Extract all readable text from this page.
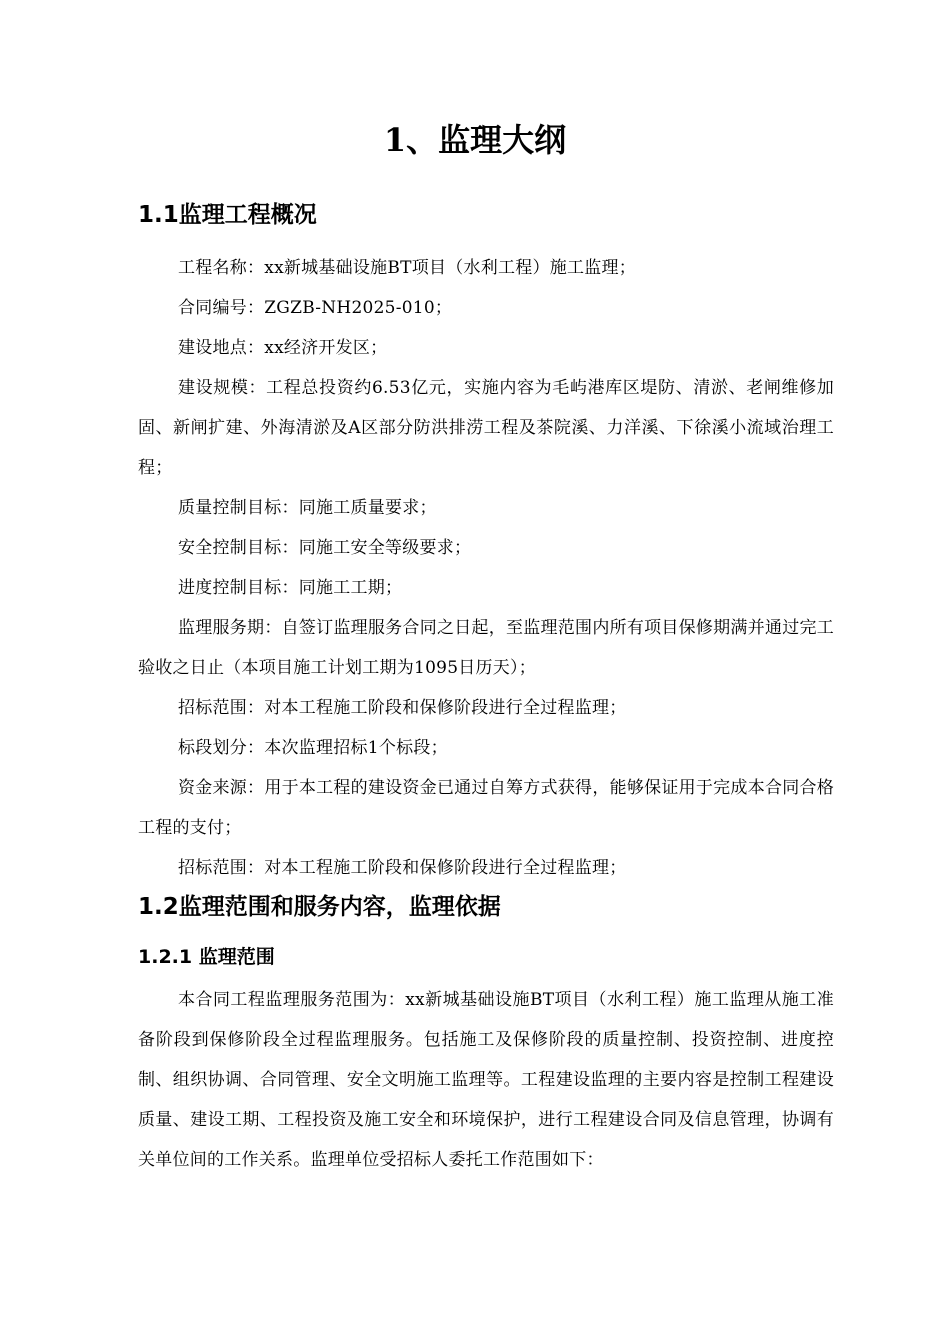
1、监理大纲
1.1监理工程概况
工程名称：xx新城基础设施BT项目（水利工程）施工监理；
合同编号：ZGZB-NH2025-010；
建设地点：xx经济开发区；
建设规模：工程总投资约6.53亿元，实施内容为毛屿港库区堤防、清淤、老闸维修加固、新闸扩建、外海清淤及A区部分防洪排涝工程及茶院溪、力洋溪、下徐溪小流域治理工程；
质量控制目标：同施工质量要求；
安全控制目标：同施工安全等级要求；
进度控制目标：同施工工期；
监理服务期：自签订监理服务合同之日起，至监理范围内所有项目保修期满并通过完工验收之日止（本项目施工计划工期为1095日历天）；
招标范围：对本工程施工阶段和保修阶段进行全过程监理；
标段划分：本次监理招标1个标段；
资金来源：用于本工程的建设资金已通过自筹方式获得，能够保证用于完成本合同合格工程的支付；
招标范围：对本工程施工阶段和保修阶段进行全过程监理；
1.2监理范围和服务内容，监理依据
1.2.1 监理范围
本合同工程监理服务范围为：xx新城基础设施BT项目（水利工程）施工监理从施工准备阶段到保修阶段全过程监理服务。包括施工及保修阶段的质量控制、投资控制、进度控制、组织协调、合同管理、安全文明施工监理等。工程建设监理的主要内容是控制工程建设质量、建设工期、工程投资及施工安全和环境保护，进行工程建设合同及信息管理，协调有关单位间的工作关系。监理单位受招标人委托工作范围如下：
